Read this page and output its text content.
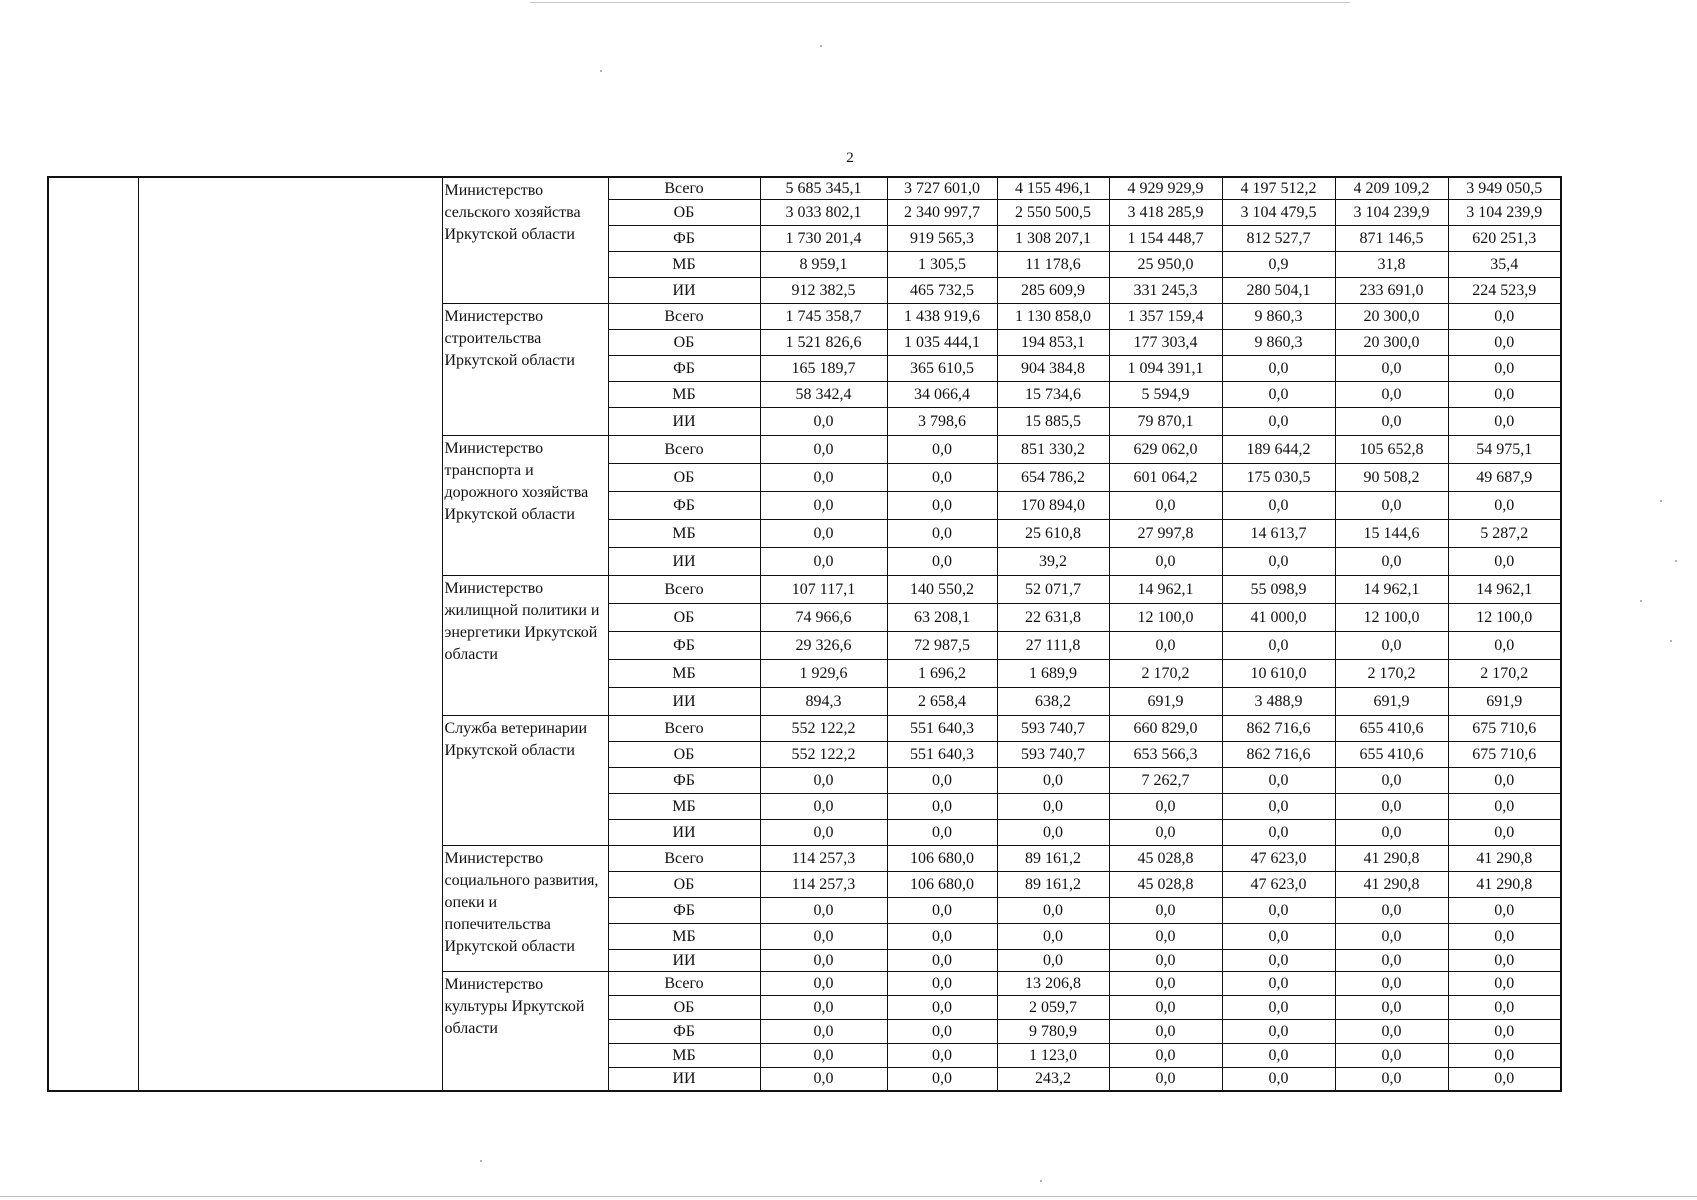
2
		Министерство сельского хозяйства Иркутской области	Всего	5 685 345,1	3 727 601,0	4 155 496,1	4 929 929,9	4 197 512,2	4 209 109,2	3 949 050,5
			ОБ	3 033 802,1	2 340 997,7	2 550 500,5	3 418 285,9	3 104 479,5	3 104 239,9	3 104 239,9
			ФБ	1 730 201,4	919 565,3	1 308 207,1	1 154 448,7	812 527,7	871 146,5	620 251,3
			МБ	8 959,1	1 305,5	11 178,6	25 950,0	0,9	31,8	35,4
			ИИ	912 382,5	465 732,5	285 609,9	331 245,3	280 504,1	233 691,0	224 523,9
		Министерство строительства Иркутской области	Всего	1 745 358,7	1 438 919,6	1 130 858,0	1 357 159,4	9 860,3	20 300,0	0,0
			ОБ	1 521 826,6	1 035 444,1	194 853,1	177 303,4	9 860,3	20 300,0	0,0
			ФБ	165 189,7	365 610,5	904 384,8	1 094 391,1	0,0	0,0	0,0
			МБ	58 342,4	34 066,4	15 734,6	5 594,9	0,0	0,0	0,0
			ИИ	0,0	3 798,6	15 885,5	79 870,1	0,0	0,0	0,0
		Министерство транспорта и дорожного хозяйства Иркутской области	Всего	0,0	0,0	851 330,2	629 062,0	189 644,2	105 652,8	54 975,1
			ОБ	0,0	0,0	654 786,2	601 064,2	175 030,5	90 508,2	49 687,9
			ФБ	0,0	0,0	170 894,0	0,0	0,0	0,0	0,0
			МБ	0,0	0,0	25 610,8	27 997,8	14 613,7	15 144,6	5 287,2
			ИИ	0,0	0,0	39,2	0,0	0,0	0,0	0,0
		Министерство жилищной политики и энергетики Иркутской области	Всего	107 117,1	140 550,2	52 071,7	14 962,1	55 098,9	14 962,1	14 962,1
			ОБ	74 966,6	63 208,1	22 631,8	12 100,0	41 000,0	12 100,0	12 100,0
			ФБ	29 326,6	72 987,5	27 111,8	0,0	0,0	0,0	0,0
			МБ	1 929,6	1 696,2	1 689,9	2 170,2	10 610,0	2 170,2	2 170,2
			ИИ	894,3	2 658,4	638,2	691,9	3 488,9	691,9	691,9
		Служба ветеринарии Иркутской области	Всего	552 122,2	551 640,3	593 740,7	660 829,0	862 716,6	655 410,6	675 710,6
			ОБ	552 122,2	551 640,3	593 740,7	653 566,3	862 716,6	655 410,6	675 710,6
			ФБ	0,0	0,0	0,0	7 262,7	0,0	0,0	0,0
			МБ	0,0	0,0	0,0	0,0	0,0	0,0	0,0
			ИИ	0,0	0,0	0,0	0,0	0,0	0,0	0,0
		Министерство социального развития, опеки и попечительства Иркутской области	Всего	114 257,3	106 680,0	89 161,2	45 028,8	47 623,0	41 290,8	41 290,8
			ОБ	114 257,3	106 680,0	89 161,2	45 028,8	47 623,0	41 290,8	41 290,8
			ФБ	0,0	0,0	0,0	0,0	0,0	0,0	0,0
			МБ	0,0	0,0	0,0	0,0	0,0	0,0	0,0
			ИИ	0,0	0,0	0,0	0,0	0,0	0,0	0,0
		Министерство культуры Иркутской области	Всего	0,0	0,0	13 206,8	0,0	0,0	0,0	0,0
			ОБ	0,0	0,0	2 059,7	0,0	0,0	0,0	0,0
			ФБ	0,0	0,0	9 780,9	0,0	0,0	0,0	0,0
			МБ	0,0	0,0	1 123,0	0,0	0,0	0,0	0,0
			ИИ	0,0	0,0	243,2	0,0	0,0	0,0	0,0
